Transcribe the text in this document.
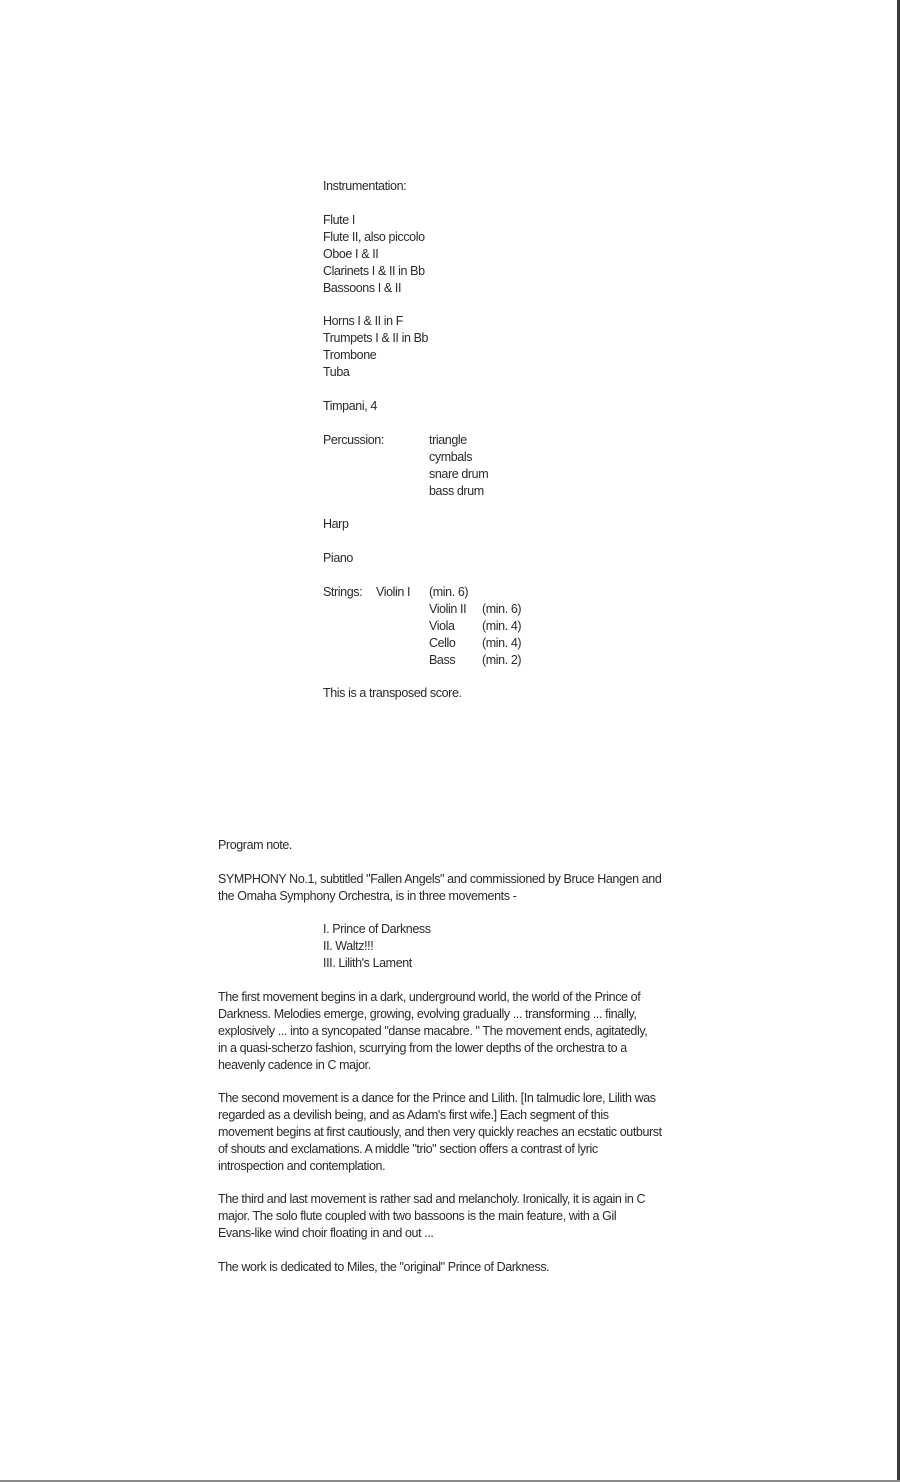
Instrumentation:
Flute I
Flute II, also piccolo
Oboe I & II
Clarinets I & II in Bb
Bassoons I & II
Horns I & II in F
Trumpets I & II in Bb
Trombone
Tuba
Timpani, 4
Percussion:	triangle
cymbals
snare drum
bass drum
Harp
Piano
Strings: Violin I (min. 6)
Violin II (min. 6)
Viola (min. 4)
Cello (min. 4)
Bass (min. 2)
This is a transposed score.
Program note.
SYMPHONY No.1, subtitled "Fallen Angels" and commissioned by Bruce Hangen and
the Omaha Symphony Orchestra, is in three movements -
I. Prince of Darkness
II. Waltz!!!
III. Lilith's Lament
The first movement begins in a dark, underground world, the world of the Prince of
Darkness. Melodies emerge, growing, evolving gradually ... transforming ... finally,
explosively ... into a syncopated "danse macabre. " The movement ends, agitatedly,
in a quasi-scherzo fashion, scurrying from the lower depths of the orchestra to a
heavenly cadence in C major.
The second movement is a dance for the Prince and Lilith. [In talmudic lore, Lilith was
regarded as a devilish being, and as Adam's first wife.] Each segment of this
movement begins at first cautiously, and then very quickly reaches an ecstatic outburst
of shouts and exclamations. A middle "trio" section offers a contrast of lyric
introspection and contemplation.
The third and last movement is rather sad and melancholy. Ironically, it is again in C
major. The solo flute coupled with two bassoons is the main feature, with a Gil
Evans-like wind choir floating in and out ...
The work is dedicated to Miles, the "original" Prince of Darkness.
